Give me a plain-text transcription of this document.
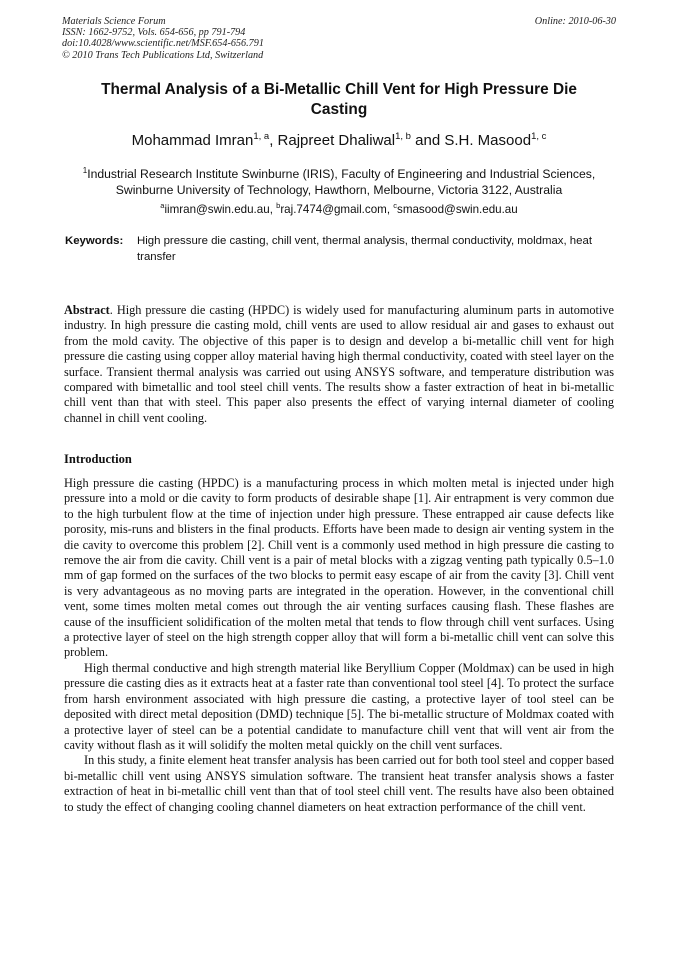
Materials Science Forum
ISSN: 1662-9752, Vols. 654-656, pp 791-794
doi:10.4028/www.scientific.net/MSF.654-656.791
© 2010 Trans Tech Publications Ltd, Switzerland
Online: 2010-06-30
Thermal Analysis of a Bi-Metallic Chill Vent for High Pressure Die Casting
Mohammad Imran$^{1, a}$, Rajpreet Dhaliwal$^{1, b}$ and S.H. Masood$^{1, c}$
$^1$Industrial Research Institute Swinburne (IRIS), Faculty of Engineering and Industrial Sciences, Swinburne University of Technology, Hawthorn, Melbourne, Victoria 3122, Australia
$^a$iimran@swin.edu.au, $^b$raj.7474@gmail.com, $^c$smasood@swin.edu.au
Keywords:	High pressure die casting, chill vent, thermal analysis, thermal conductivity, moldmax, heat transfer
Abstract. High pressure die casting (HPDC) is widely used for manufacturing aluminum parts in automotive industry. In high pressure die casting mold, chill vents are used to allow residual air and gases to exhaust out from the mold cavity. The objective of this paper is to design and develop a bi-metallic chill vent for high pressure die casting using copper alloy material having high thermal conductivity, coated with steel layer on the surface. Transient thermal analysis was carried out using ANSYS software, and temperature distribution was compared with bimetallic and tool steel chill vents. The results show a faster extraction of heat in bi-metallic chill vent than that with steel. This paper also presents the effect of varying internal diameter of cooling channel in chill vent cooling.
Introduction

High pressure die casting (HPDC) is a manufacturing process in which molten metal is injected under high pressure into a mold or die cavity to form products of desirable shape [1]. Air entrapment is very common due to the high turbulent flow at the time of injection under high pressure. These entrapped air cause defects like porosity, mis-runs and blisters in the final products. Efforts have been made to design air venting system in the die cavity to overcome this problem [2]. Chill vent is a commonly used method in high pressure die casting to remove the air from die cavity. Chill vent is a pair of metal blocks with a zigzag venting path typically 0.5–1.0 mm of gap formed on the surfaces of the two blocks to permit easy escape of air from the cavity [3]. Chill vent is very advantageous as no moving parts are integrated in the operation. However, in the conventional chill vent, some times molten metal comes out through the air venting surfaces causing flash. These flashes are cause of the insufficient solidification of the molten metal that tends to flow through chill vent surfaces. Using a protective layer of steel on the high strength copper alloy that will form a bi-metallic chill vent can solve this problem.

High thermal conductive and high strength material like Beryllium Copper (Moldmax) can be used in high pressure die casting dies as it extracts heat at a faster rate than conventional tool steel [4]. To protect the surface from harsh environment associated with high pressure die casting, a protective layer of tool steel can be deposited with direct metal deposition (DMD) technique [5]. The bi-metallic structure of Moldmax coated with a protective layer of steel can be a potential candidate to manufacture chill vent that will vent air from the cavity without flash as it will solidify the molten metal quickly on the chill vent surfaces.

In this study, a finite element heat transfer analysis has been carried out for both tool steel and copper based bi-metallic chill vent using ANSYS simulation software. The transient heat transfer analysis shows a faster extraction of heat in bi-metallic chill vent than that of tool steel chill vent. The results have also been obtained to study the effect of changing cooling channel diameters on heat extraction performance of the chill vent.
